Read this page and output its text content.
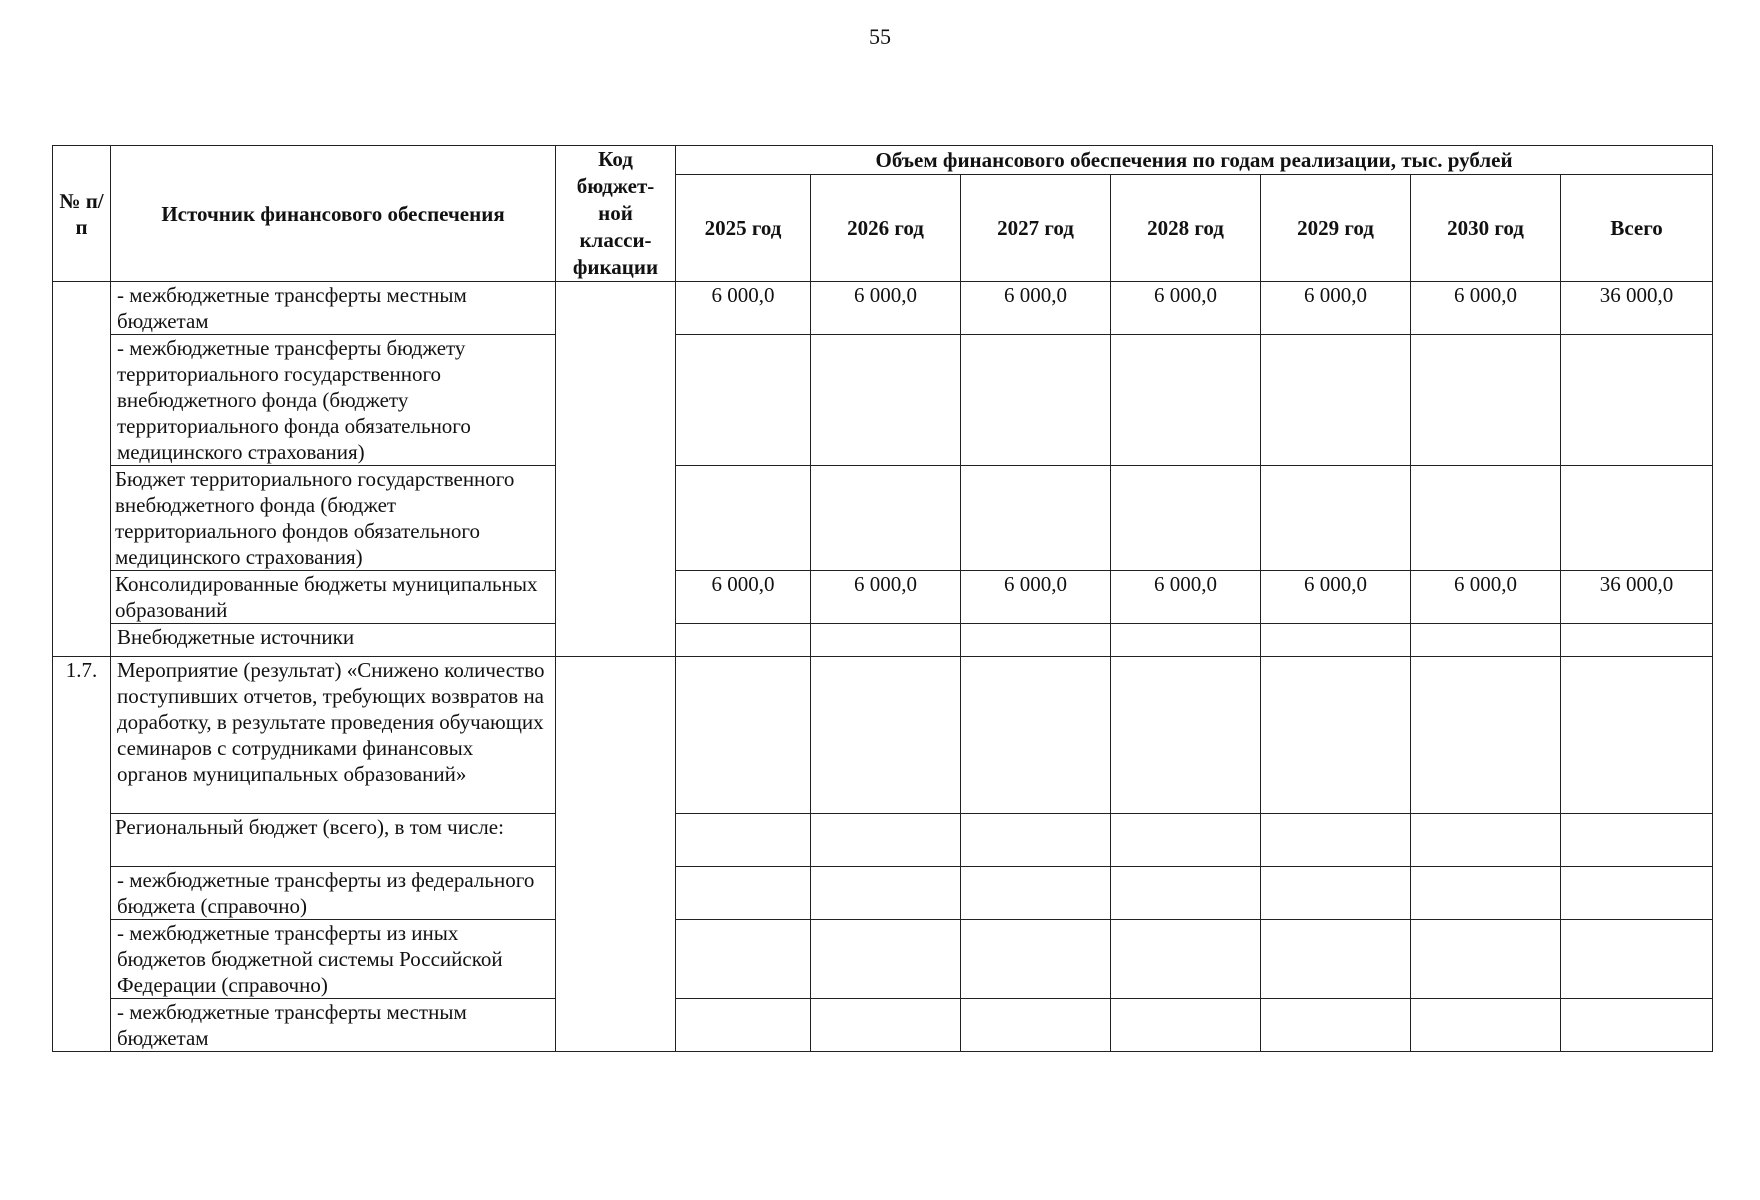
55
№ п/п	Источник финансового обеспечения	Код бюджет-ной класси-фикации	Объем финансового обеспечения по годам реализации, тыс. рублей						
			2025 год	2026 год	2027 год	2028 год	2029 год	2030 год	Всего

	- межбюджетные трансферты местным бюджетам		6 000,0	6 000,0	6 000,0	6 000,0	6 000,0	6 000,0	36 000,0
	- межбюджетные трансферты бюджету территориального государственного внебюджетного фонда (бюджету территориального фонда обязательного медицинского страхования)								
	Бюджет территориального государственного внебюджетного фонда (бюджет территориального фондов обязательного медицинского страхования)								
	Консолидированные бюджеты муниципальных образований		6 000,0	6 000,0	6 000,0	6 000,0	6 000,0	6 000,0	36 000,0
	Внебюджетные источники								
1.7.	Мероприятие (результат) «Снижено количество поступивших отчетов, требующих возвратов на доработку, в результате проведения обучающих семинаров с сотрудниками финансовых органов муниципальных образований»								
	Региональный бюджет (всего), в том числе:								
	- межбюджетные трансферты из федерального бюджета (справочно)								
	- межбюджетные трансферты из иных бюджетов бюджетной системы Российской Федерации (справочно)								
	- межбюджетные трансферты местным бюджетам								
